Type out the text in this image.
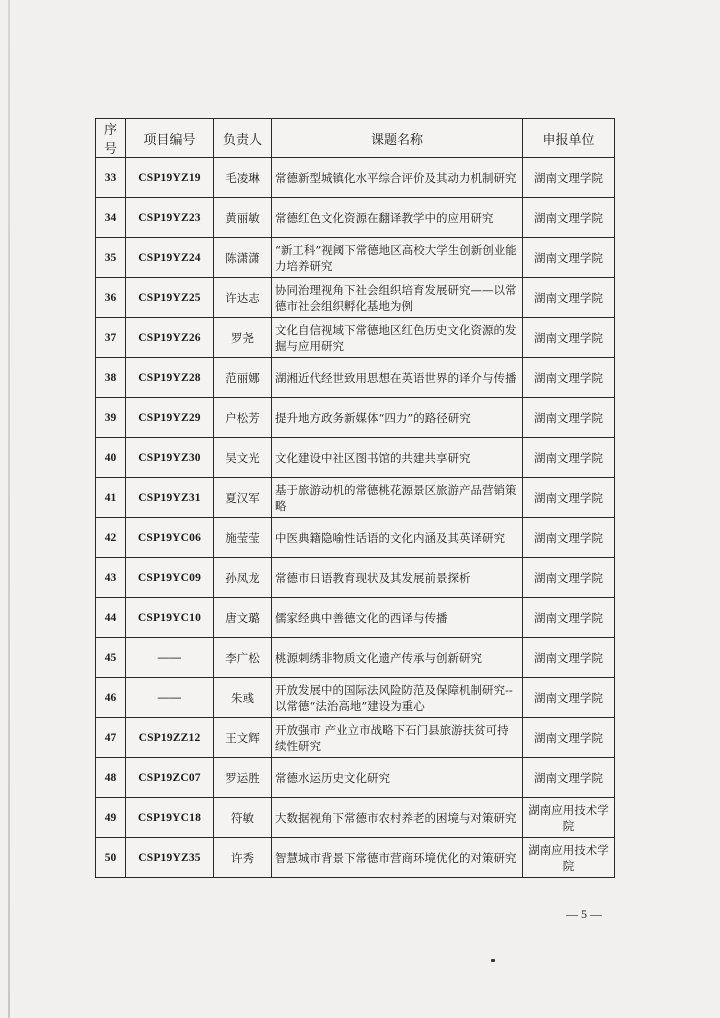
序号	项目编号	负责人	课题名称	申报单位
33	CSP19YZ19	毛凌琳	常德新型城镇化水平综合评价及其动力机制研究	湖南文理学院
34	CSP19YZ23	黄丽敏	常德红色文化资源在翻译教学中的应用研究	湖南文理学院
35	CSP19YZ24	陈潇潇	“新工科”视阈下常德地区高校大学生创新创业能力培养研究	湖南文理学院
36	CSP19YZ25	许达志	协同治理视角下社会组织培育发展研究——以常德市社会组织孵化基地为例	湖南文理学院
37	CSP19YZ26	罗尧	文化自信视域下常德地区红色历史文化资源的发掘与应用研究	湖南文理学院
38	CSP19YZ28	范丽娜	湖湘近代经世致用思想在英语世界的译介与传播	湖南文理学院
39	CSP19YZ29	户松芳	提升地方政务新媒体“四力”的路径研究	湖南文理学院
40	CSP19YZ30	吴文光	文化建设中社区图书馆的共建共享研究	湖南文理学院
41	CSP19YZ31	夏汉军	基于旅游动机的常德桃花源景区旅游产品营销策略	湖南文理学院
42	CSP19YC06	施莹莹	中医典籍隐喻性话语的文化内涵及其英译研究	湖南文理学院
43	CSP19YC09	孙凤龙	常德市日语教育现状及其发展前景探析	湖南文理学院
44	CSP19YC10	唐文璐	儒家经典中善德文化的西译与传播	湖南文理学院
45	——	李广松	桃源刺绣非物质文化遗产传承与创新研究	湖南文理学院
46	——	朱彧	开放发展中的国际法风险防范及保障机制研究--以常德“法治高地”建设为重心	湖南文理学院
47	CSP19ZZ12	王文辉	开放强市 产业立市战略下石门县旅游扶贫可持续性研究	湖南文理学院
48	CSP19ZC07	罗运胜	常德水运历史文化研究	湖南文理学院
49	CSP19YC18	符敏	大数据视角下常德市农村养老的困境与对策研究	湖南应用技术学院
50	CSP19YZ35	许秀	智慧城市背景下常德市营商环境优化的对策研究	湖南应用技术学院
— 5 —
